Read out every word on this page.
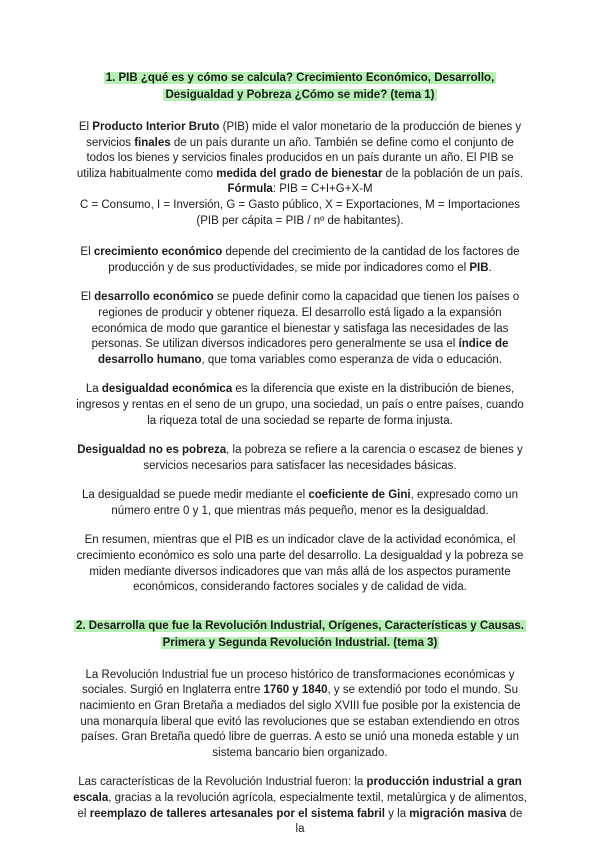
1. PIB ¿qué es y cómo se calcula? Crecimiento Económico, Desarrollo, Desigualdad y Pobreza ¿Cómo se mide? (tema 1)
El Producto Interior Bruto (PIB) mide el valor monetario de la producción de bienes y servicios finales de un país durante un año. También se define como el conjunto de todos los bienes y servicios finales producidos en un país durante un año. El PIB se utiliza habitualmente como medida del grado de bienestar de la población de un país.
Fórmula: PIB = C+I+G+X-M
C = Consumo, I = Inversión, G = Gasto público, X = Exportaciones, M = Importaciones
(PIB per cápita = PIB / nº de habitantes).

El crecimiento económico depende del crecimiento de la cantidad de los factores de producción y de sus productividades, se mide por indicadores como el PIB.

El desarrollo económico se puede definir como la capacidad que tienen los países o regiones de producir y obtener riqueza. El desarrollo está ligado a la expansión económica de modo que garantice el bienestar y satisfaga las necesidades de las personas. Se utilizan diversos indicadores pero generalmente se usa el índice de desarrollo humano, que toma variables como esperanza de vida o educación.

La desigualdad económica es la diferencia que existe en la distribución de bienes, ingresos y rentas en el seno de un grupo, una sociedad, un país o entre países, cuando la riqueza total de una sociedad se reparte de forma injusta.

Desigualdad no es pobreza, la pobreza se refiere a la carencia o escasez de bienes y servicios necesarios para satisfacer las necesidades básicas.

La desigualdad se puede medir mediante el coeficiente de Gini, expresado como un número entre 0 y 1, que mientras más pequeño, menor es la desigualdad.

En resumen, mientras que el PIB es un indicador clave de la actividad económica, el crecimiento económico es solo una parte del desarrollo. La desigualdad y la pobreza se miden mediante diversos indicadores que van más allá de los aspectos puramente económicos, considerando factores sociales y de calidad de vida.

2. Desarrolla que fue la Revolución Industrial, Orígenes, Características y Causas. Primera y Segunda Revolución Industrial. (tema 3)

La Revolución Industrial fue un proceso histórico de transformaciones económicas y sociales. Surgió en Inglaterra entre 1760 y 1840, y se extendió por todo el mundo. Su nacimiento en Gran Bretaña a mediados del siglo XVIII fue posible por la existencia de una monarquía liberal que evitó las revoluciones que se estaban extendiendo en otros países. Gran Bretaña quedó libre de guerras. A esto se unió una moneda estable y un sistema bancario bien organizado.

Las características de la Revolución Industrial fueron: la producción industrial a gran escala, gracias a la revolución agrícola, especialmente textil, metalúrgica y de alimentos, el reemplazo de talleres artesanales por el sistema fabril y la migración masiva de la
